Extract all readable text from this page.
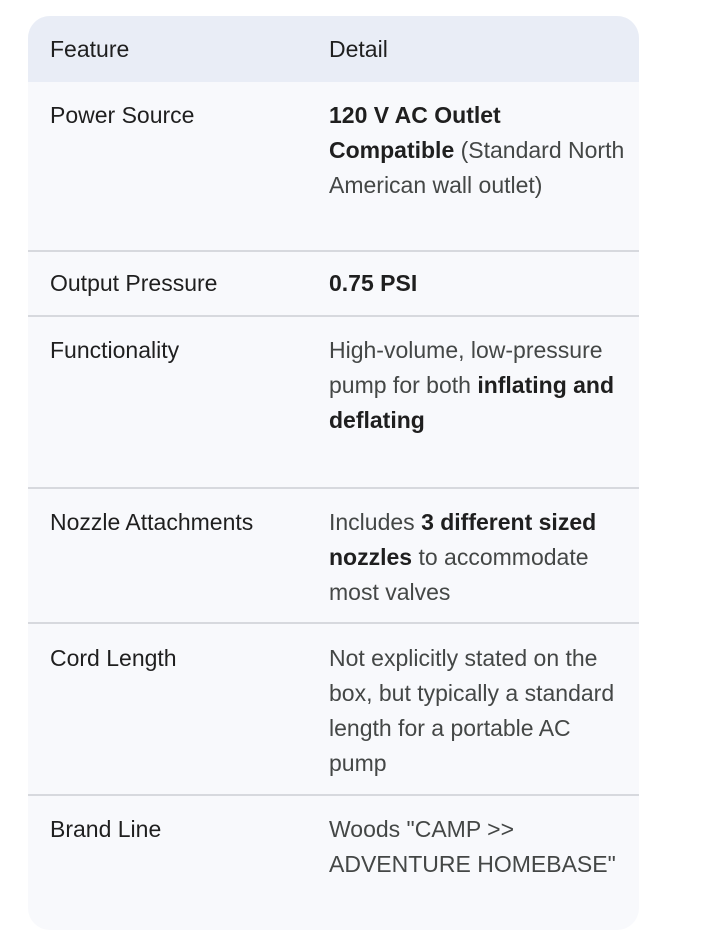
Feature	Detail
Power Source	120 V AC Outlet Compatible (Standard North American wall outlet)
Output Pressure	0.75 PSI
Functionality	High-volume, low-pressure pump for both inflating and deflating
Nozzle Attachments	Includes 3 different sized nozzles to accommodate most valves
Cord Length	Not explicitly stated on the box, but typically a standard length for a portable AC pump
Brand Line	Woods "CAMP >> ADVENTURE HOMEBASE"
